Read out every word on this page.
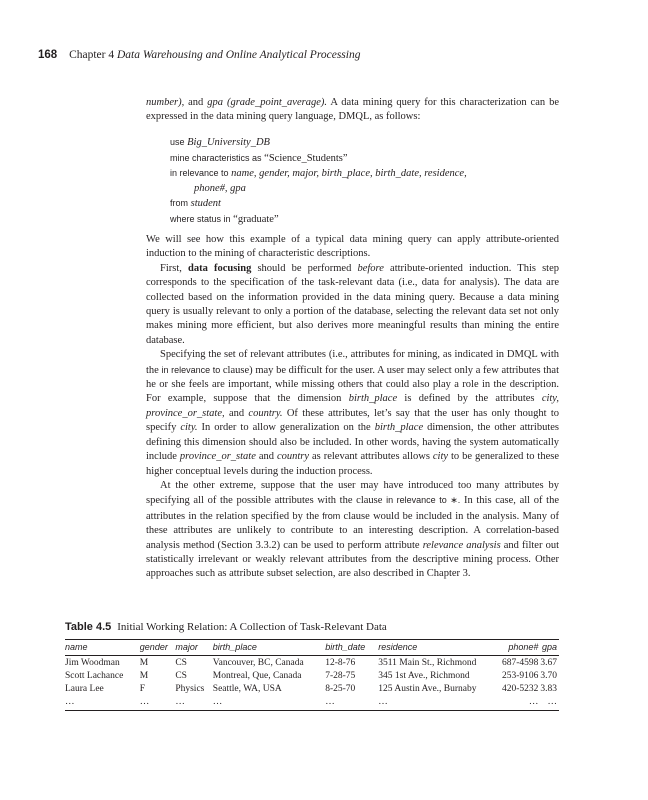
168 Chapter 4 Data Warehousing and Online Analytical Processing

number), and gpa (grade_point_average). A data mining query for this characterization can be expressed in the data mining query language, DMQL, as follows:

use Big_University_DB
mine characteristics as “Science_Students”
in relevance to name, gender, major, birth_place, birth_date, residence,
phone#, gpa
from student
where status in “graduate”

We will see how this example of a typical data mining query can apply attribute-oriented induction to the mining of characteristic descriptions.

First, data focusing should be performed before attribute-oriented induction. This step corresponds to the specification of the task-relevant data (i.e., data for analysis). The data are collected based on the information provided in the data mining query. Because a data mining query is usually relevant to only a portion of the database, selecting the relevant data set not only makes mining more efficient, but also derives more meaningful results than mining the entire database.

Specifying the set of relevant attributes (i.e., attributes for mining, as indicated in DMQL with the in relevance to clause) may be difficult for the user. A user may select only a few attributes that he or she feels are important, while missing others that could also play a role in the description. For example, suppose that the dimension birth_place is defined by the attributes city, province_or_state, and country. Of these attributes, let’s say that the user has only thought to specify city. In order to allow generalization on the birth_place dimension, the other attributes defining this dimension should also be included. In other words, having the system automatically include province_or_state and country as relevant attributes allows city to be generalized to these higher conceptual levels during the induction process.

At the other extreme, suppose that the user may have introduced too many attributes by specifying all of the possible attributes with the clause in relevance to ∗. In this case, all of the attributes in the relation specified by the from clause would be included in the analysis. Many of these attributes are unlikely to contribute to an interesting description. A correlation-based analysis method (Section 3.3.2) can be used to perform attribute relevance analysis and filter out statistically irrelevant or weakly relevant attributes from the descriptive mining process. Other approaches such as attribute subset selection, are also described in Chapter 3.

Table 4.5 Initial Working Relation: A Collection of Task-Relevant Data
name	gender	major	birth_place	birth_date	residence	phone#	gpa
Jim Woodman	M	CS	Vancouver, BC, Canada	12-8-76	3511 Main St., Richmond	687-4598	3.67
Scott Lachance	M	CS	Montreal, Que, Canada	7-28-75	345 1st Ave., Richmond	253-9106	3.70
Laura Lee	F	Physics	Seattle, WA, USA	8-25-70	125 Austin Ave., Burnaby	420-5232	3.83
…	…	…	…	…	…	…	…
